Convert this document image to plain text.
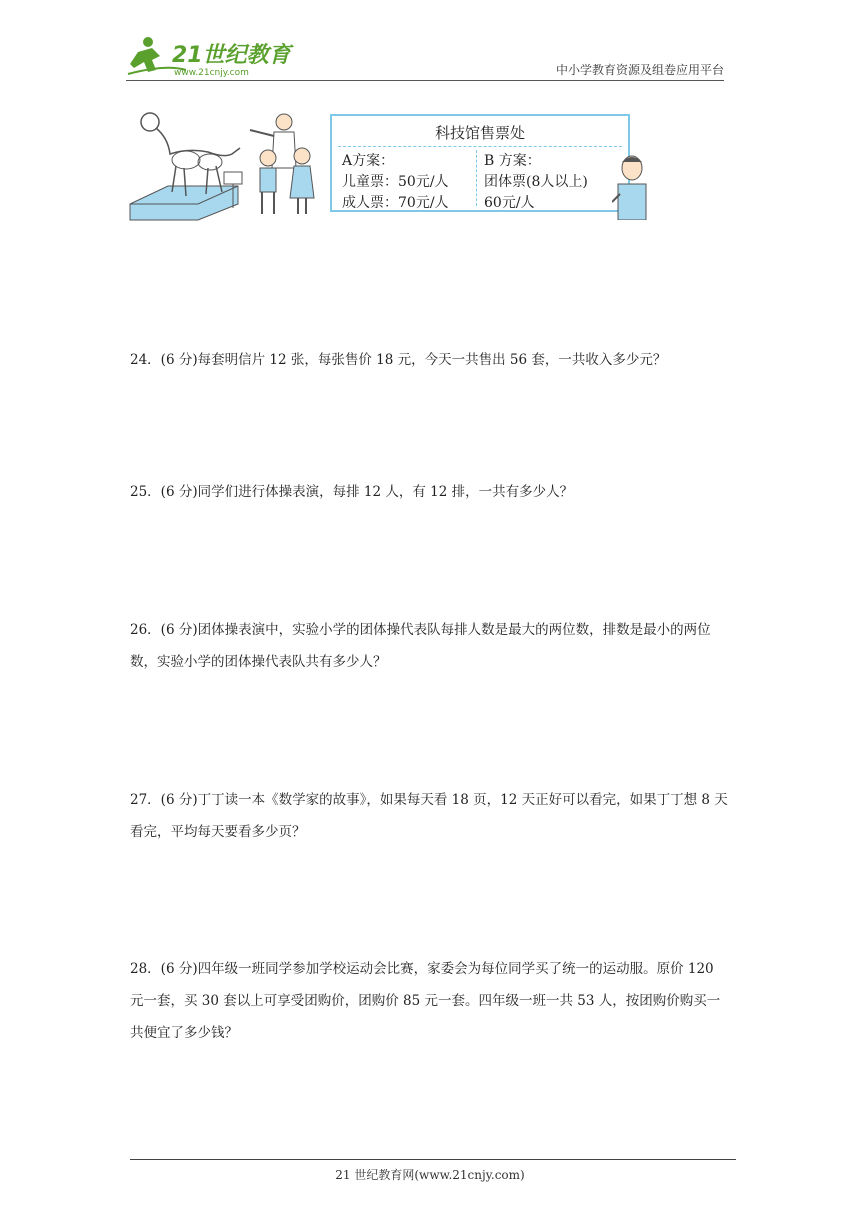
21世纪教育
www.21cnjy.com	中小学教育资源及组卷应用平台
科技馆售票处
A方案：
儿童票：50元/人
成人票：70元/人
B 方案：
团体票(8人以上)
60元/人

24．(6 分)每套明信片 12 张，每张售价 18 元，今天一共售出 56 套，一共收入多少元？

25．(6 分)同学们进行体操表演，每排 12 人，有 12 排，一共有多少人？

26．(6 分)团体操表演中，实验小学的团体操代表队每排人数是最大的两位数，排数是最小的两位数，实验小学的团体操代表队共有多少人？

27．(6 分)丁丁读一本《数学家的故事》，如果每天看 18 页，12 天正好可以看完，如果丁丁想 8 天看完，平均每天要看多少页？

28．(6 分)四年级一班同学参加学校运动会比赛，家委会为每位同学买了统一的运动服。原价 120 元一套，买 30 套以上可享受团购价，团购价 85 元一套。四年级一班一共 53 人，按团购价购买一共便宜了多少钱？

21 世纪教育网(www.21cnjy.com)
